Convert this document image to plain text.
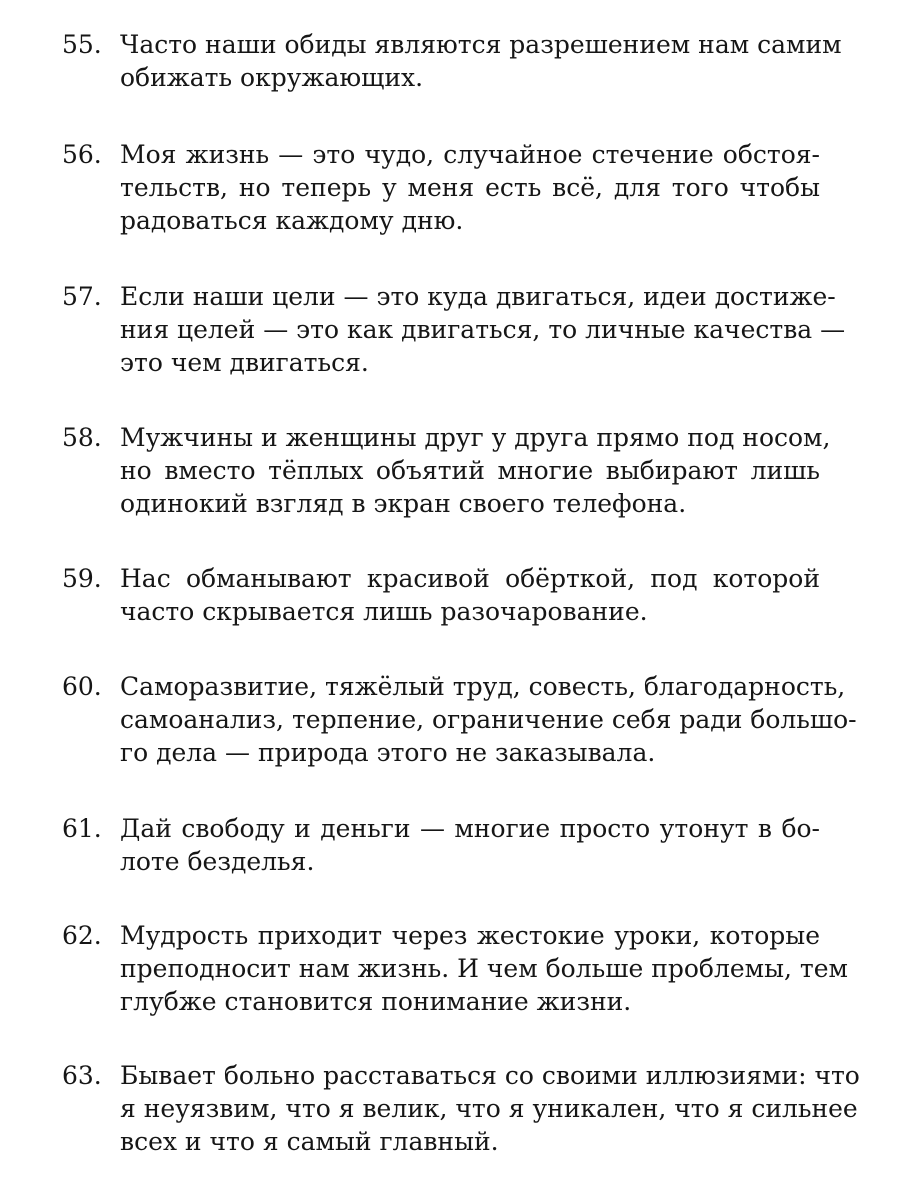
55. Часто наши обиды являются разрешением нам самим
обижать окружающих.
56. Моя жизнь — это чудо, случайное стечение обстоя-
тельств, но теперь у меня есть всё, для того чтобы
радоваться каждому дню.
57. Если наши цели — это куда двигаться, идеи достиже-
ния целей — это как двигаться, то личные качества —
это чем двигаться.
58. Мужчины и женщины друг у друга прямо под носом,
но вместо тёплых объятий многие выбирают лишь
одинокий взгляд в экран своего телефона.
59. Нас обманывают красивой обёрткой, под которой
часто скрывается лишь разочарование.
60. Саморазвитие, тяжёлый труд, совесть, благодарность,
самоанализ, терпение, ограничение себя ради большо-
го дела — природа этого не заказывала.
61. Дай свободу и деньги — многие просто утонут в бо-
лоте безделья.
62. Мудрость приходит через жестокие уроки, которые
преподносит нам жизнь. И чем больше проблемы, тем
глубже становится понимание жизни.
63. Бывает больно расставаться со своими иллюзиями: что
я неуязвим, что я велик, что я уникален, что я сильнее
всех и что я самый главный.
